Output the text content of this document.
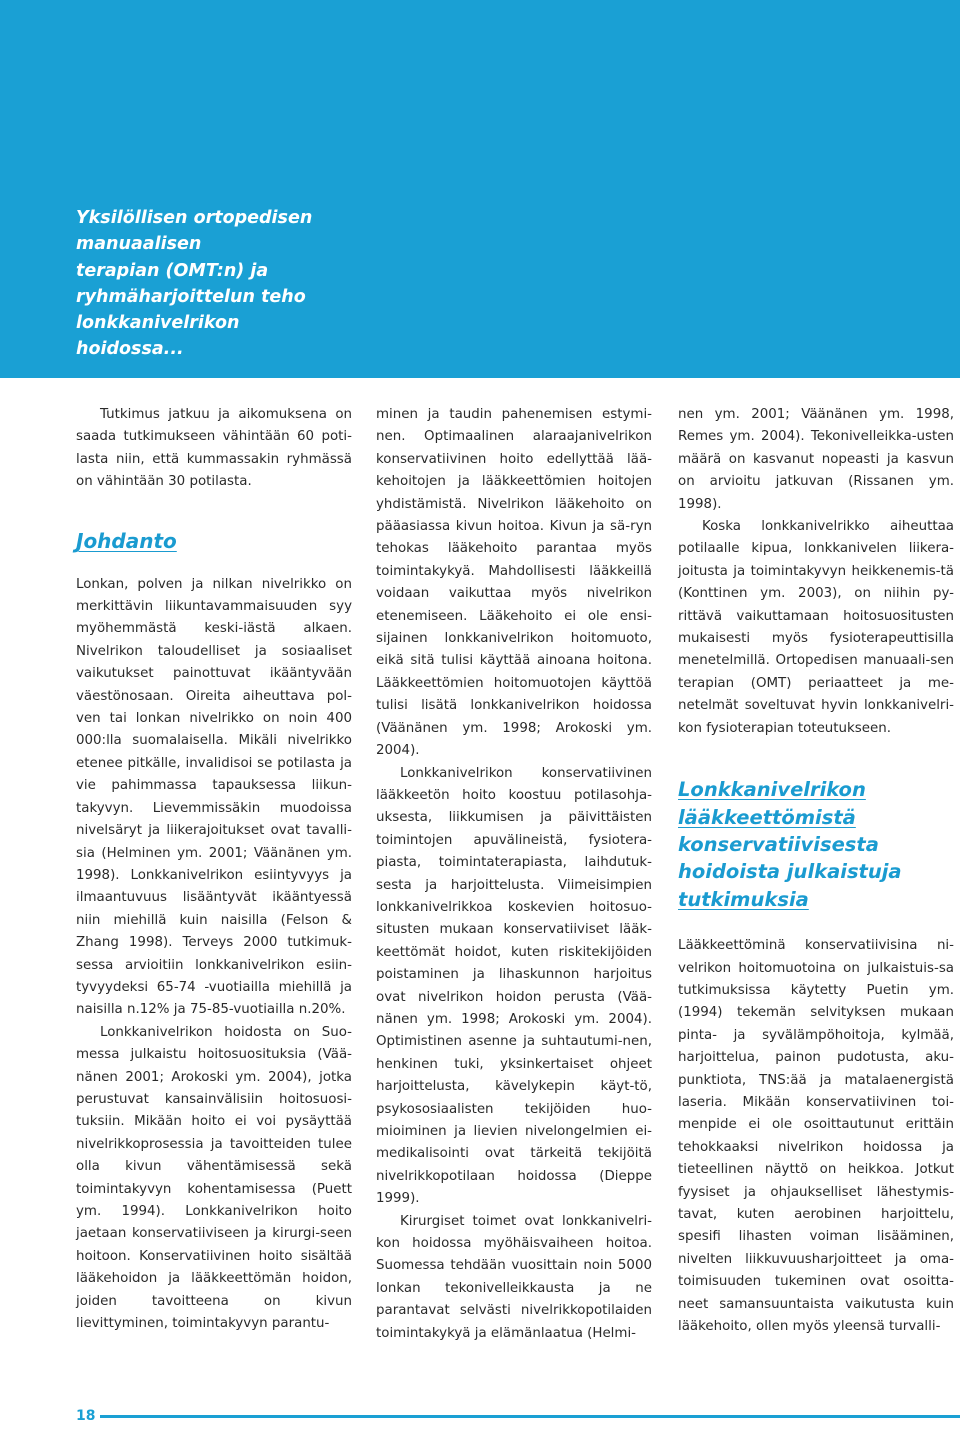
Yksilöllisen ortopedisen
manuaalisen
terapian (OMT:n) ja
ryhmäharjoittelun teho
lonkkanivelrikon
hoidossa...

Tutkimus jatkuu ja aikomuksena on saada tutkimukseen vähintään 60 poti-lasta niin, että kummassakin ryhmässä on vähintään 30 potilasta.

Johdanto

Lonkan, polven ja nilkan nivelrikko on merkittävin liikuntavammaisuuden syy myöhemmästä keski-iästä alkaen. Nivelrikon taloudelliset ja sosiaaliset vaikutukset painottuvat ikääntyvään väestönosaan. Oireita aiheuttava pol-ven tai lonkan nivelrikko on noin 400 000:lla suomalaisella. Mikäli nivelrikko etenee pitkälle, invalidisoi se potilasta ja vie pahimmassa tapauksessa liikun-takyvyn. Lievemmissäkin muodoissa nivelsäryt ja liikerajoitukset ovat tavalli-sia (Helminen ym. 2001; Väänänen ym. 1998). Lonkkanivelrikon esiintyvyys ja ilmaantuvuus lisääntyvät ikääntyessä niin miehillä kuin naisilla (Felson & Zhang 1998). Terveys 2000 tutkimuk-sessa arvioitiin lonkkanivelrikon esiin-tyvyydeksi 65-74 -vuotiailla miehillä ja naisilla n.12% ja 75-85-vuotiailla n.20%.

Lonkkanivelrikon hoidosta on Suo-messa julkaistu hoitosuosituksia (Vää-nänen 2001; Arokoski ym. 2004), jotka perustuvat kansainvälisiin hoitosuosi-tuksiin. Mikään hoito ei voi pysäyttää nivelrikkoprosessia ja tavoitteiden tulee olla kivun vähentämisessä sekä toimintakyvyn kohentamisessa (Puett ym. 1994). Lonkkanivelrikon hoito jaetaan konservatiiviseen ja kirurgi-seen hoitoon. Konservatiivinen hoito sisältää lääkehoidon ja lääkkeettömän hoidon, joiden tavoitteena on kivun lievittyminen, toimintakyvyn parantu-

minen ja taudin pahenemisen estymi-nen. Optimaalinen alaraajanivelrikon konservatiivinen hoito edellyttää lää-kehoitojen ja lääkkeettömien hoitojen yhdistämistä. Nivelrikon lääkehoito on pääasiassa kivun hoitoa. Kivun ja sä-ryn tehokas lääkehoito parantaa myös toimintakykyä. Mahdollisesti lääkkeillä voidaan vaikuttaa myös nivelrikon etenemiseen. Lääkehoito ei ole ensi-sijainen lonkkanivelrikon hoitomuoto, eikä sitä tulisi käyttää ainoana hoitona. Lääkkeettömien hoitomuotojen käyttöä tulisi lisätä lonkkanivelrikon hoidossa (Väänänen ym. 1998; Arokoski ym. 2004).

Lonkkanivelrikon konservatiivinen lääkkeetön hoito koostuu potilasohja-uksesta, liikkumisen ja päivittäisten toimintojen apuvälineistä, fysiotera-piasta, toimintaterapiasta, laihdutuk-sesta ja harjoittelusta. Viimeisimpien lonkkanivelrikkoa koskevien hoitosuo-situsten mukaan konservatiiviset lääk-keettömät hoidot, kuten riskitekijöiden poistaminen ja lihaskunnon harjoitus ovat nivelrikon hoidon perusta (Vää-nänen ym. 1998; Arokoski ym. 2004). Optimistinen asenne ja suhtautumi-nen, henkinen tuki, yksinkertaiset ohjeet harjoittelusta, kävelykepin käyt-tö, psykososiaalisten tekijöiden huo-mioiminen ja lievien nivelongelmien ei-medikalisointi ovat tärkeitä tekijöitä nivelrikkopotilaan hoidossa (Dieppe 1999).

Kirurgiset toimet ovat lonkkanivelri-kon hoidossa myöhäisvaiheen hoitoa. Suomessa tehdään vuosittain noin 5000 lonkan tekonivelleikkausta ja ne parantavat selvästi nivelrikkopotilaiden toimintakykyä ja elämänlaatua (Helmi-

nen ym. 2001; Väänänen ym. 1998, Remes ym. 2004). Tekonivelleikka-usten määrä on kasvanut nopeasti ja kasvun on arvioitu jatkuvan (Rissanen ym. 1998).

Koska lonkkanivelrikko aiheuttaa potilaalle kipua, lonkkanivelen liikera-joitusta ja toimintakyvyn heikkenemis-tä (Konttinen ym. 2003), on niihin py-rittävä vaikuttamaan hoitosuositusten mukaisesti myös fysioterapeuttisilla menetelmillä. Ortopedisen manuaali-sen terapian (OMT) periaatteet ja me-netelmät soveltuvat hyvin lonkkanivelri-kon fysioterapian toteutukseen.

Lonkkanivelrikon
lääkkeettömistä
konservatiivisesta
hoidoista julkaistuja
tutkimuksia

Lääkkeettöminä konservatiivisina ni-velrikon hoitomuotoina on julkaistuis-sa tutkimuksissa käytetty Puetin ym. (1994) tekemän selvityksen mukaan pinta- ja syvälämpöhoitoja, kylmää, harjoittelua, painon pudotusta, aku-punktiota, TNS:ää ja matalaenergistä laseria. Mikään konservatiivinen toi-menpide ei ole osoittautunut erittäin tehokkaaksi nivelrikon hoidossa ja tieteellinen näyttö on heikkoa. Jotkut fyysiset ja ohjaukselliset lähestymis-tavat, kuten aerobinen harjoittelu, spesifi lihasten voiman lisääminen, nivelten liikkuvuusharjoitteet ja oma-toimisuuden tukeminen ovat osoitta-neet samansuuntaista vaikutusta kuin lääkehoito, ollen myös yleensä turvalli-

18
